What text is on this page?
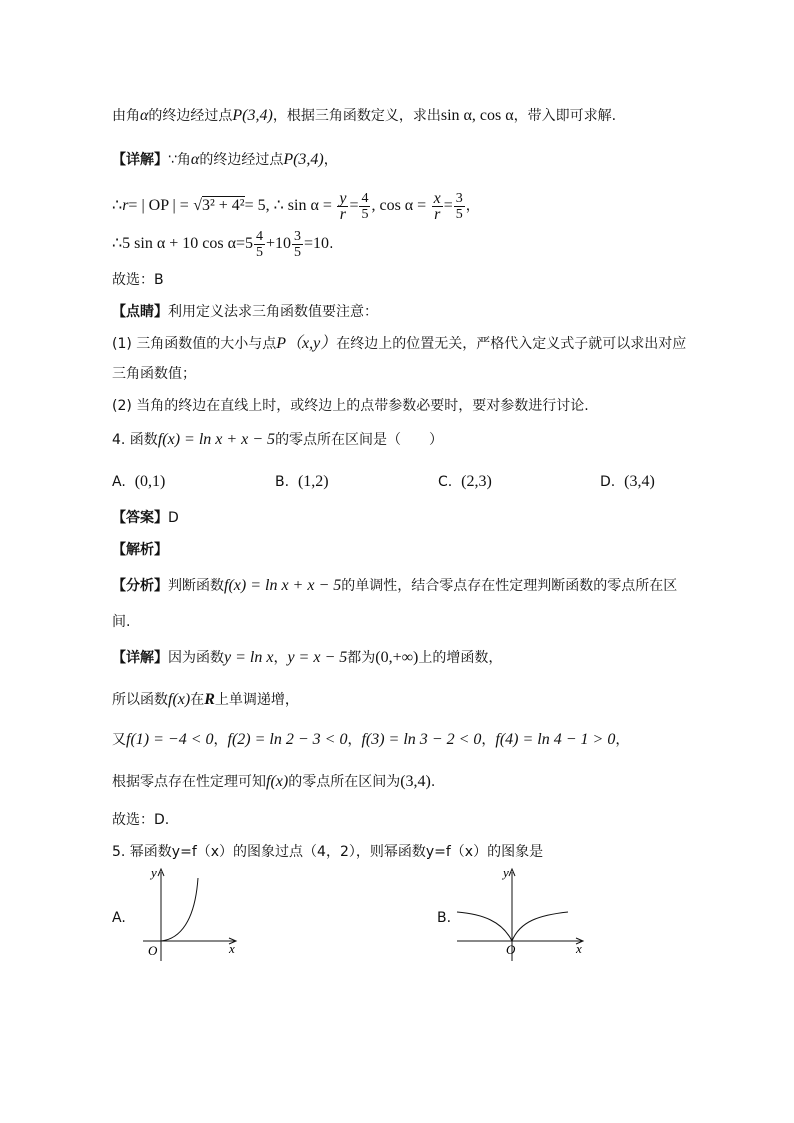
由角α的终边经过点P(3,4)，根据三角函数定义，求出sin α, cos α，带入即可求解.
【详解】∵角α的终边经过点P(3,4)，
∴r= | OP | = √3² + 4²= 5, ∴ $\sin \alpha = \frac{y}{r} = \frac{4}{5}$ , $\cos \alpha = \frac{x}{r} = \frac{3}{5}$ ，
∴5 sin α + 10 $\cos \alpha=5 \frac{4}{5} +10 \frac{3}{5} =10$.
故选：B
【点睛】利用定义法求三角函数值要注意：
(1) 三角函数值的大小与点P（x,y）在终边上的位置无关，严格代入定义式子就可以求出对应
三角函数值；
(2) 当角的终边在直线上时，或终边上的点带参数必要时，要对参数进行讨论.
4. 函数f(x) = ln x + x − 5的零点所在区间是（　　）
A. (0,1)	B. (1,2)	C. (2,3)	D. (3,4)
【答案】D
【解析】
【分析】判断函数f(x) = ln x + x − 5的单调性，结合零点存在性定理判断函数的零点所在区
间.
【详解】因为函数y = ln x，y = x − 5都为(0,+∞)上的增函数，
所以函数f(x)在R上单调递增，
又f(1) = −4 < 0，f(2) = ln 2 − 3 < 0，f(3) = ln 3 − 2 < 0，f(4) = ln 4 − 1 > 0，
根据零点存在性定理可知f(x)的零点所在区间为(3,4).
故选：D.
5. 幂函数y=f（x）的图象过点（4，2），则幂函数y=f（x）的图象是
A.
y
x
O
B.
y
x
O
